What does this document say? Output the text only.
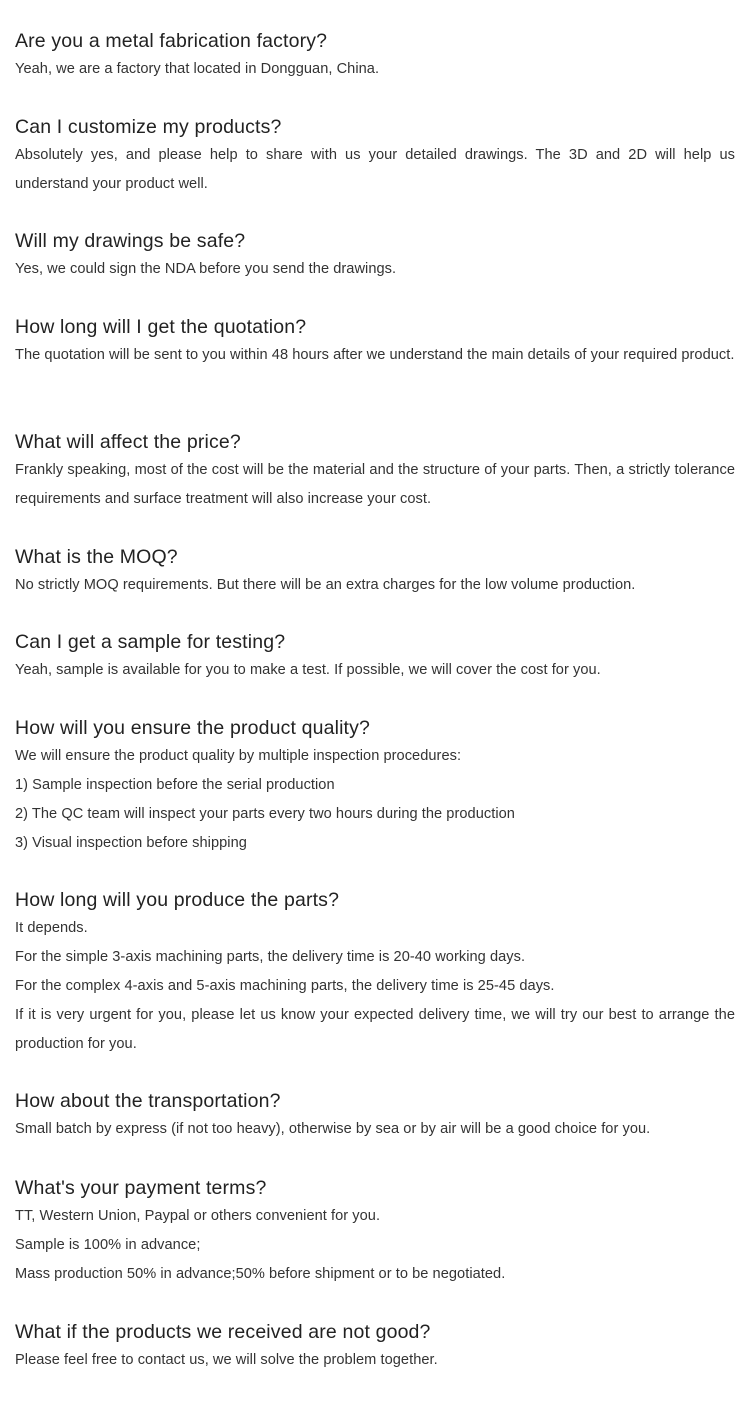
Are you a metal fabrication factory?

Yeah, we are a factory that located in Dongguan, China.

Can I customize my products?

Absolutely yes, and please help to share with us your detailed drawings. The 3D and 2D will help us understand your product well.

Will my drawings be safe?

Yes, we could sign the NDA before you send the drawings.

How long will I get the quotation?

The quotation will be sent to you within 48 hours after we understand the main details of your required product.

What will affect the price?

Frankly speaking, most of the cost will be the material and the structure of your parts. Then, a strictly tolerance requirements and surface treatment will also increase your cost.

What is the MOQ?

No strictly MOQ requirements. But there will be an extra charges for the low volume production.

Can I get a sample for testing?

Yeah, sample is available for you to make a test. If possible, we will cover the cost for you.

How will you ensure the product quality?

We will ensure the product quality by multiple inspection procedures:

1) Sample inspection before the serial production

2) The QC team will inspect your parts every two hours during the production

3) Visual inspection before shipping

How long will you produce the parts?

It depends.

For the simple 3-axis machining parts, the delivery time is 20-40 working days.

For the complex 4-axis and 5-axis machining parts, the delivery time is 25-45 days.

If it is very urgent for you, please let us know your expected delivery time, we will try our best to arrange the production for you.

How about the transportation?

Small batch by express (if not too heavy), otherwise by sea or by air will be a good choice for you.

What's your payment terms?

TT, Western Union, Paypal or others convenient for you.

Sample is 100% in advance;

Mass production 50% in advance;50% before shipment or to be negotiated.

What if the products we received are not good?

Please feel free to contact us, we will solve the problem together.
